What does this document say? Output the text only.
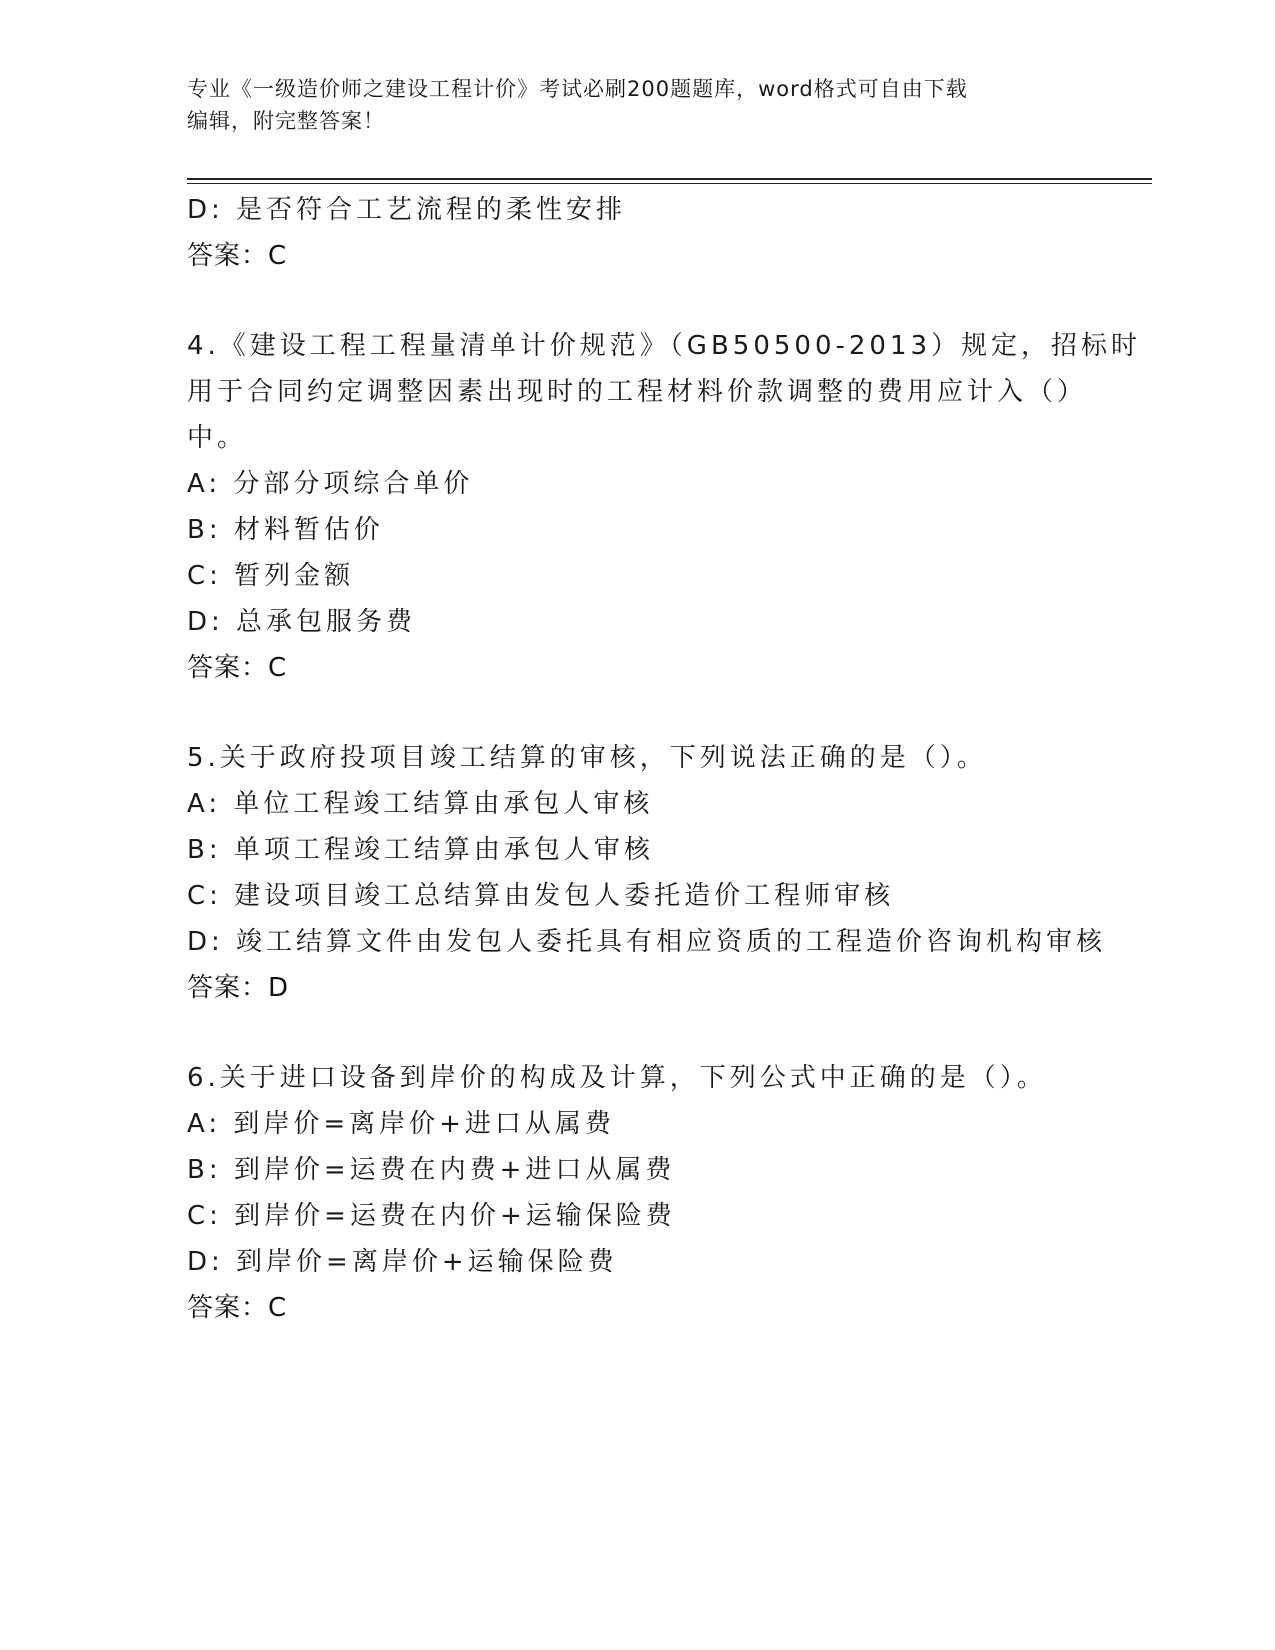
专业《一级造价师之建设工程计价》考试必刷200题题库，word格式可自由下载
编辑，附完整答案！
D: 是否符合工艺流程的柔性安排
答案：C
4.《建设工程工程量清单计价规范》（GB50500-2013）规定，招标时
用于合同约定调整因素出现时的工程材料价款调整的费用应计入（）
中。
A: 分部分项综合单价
B: 材料暂估价
C: 暂列金额
D: 总承包服务费
答案：C
5.关于政府投项目竣工结算的审核，下列说法正确的是（）。
A: 单位工程竣工结算由承包人审核
B: 单项工程竣工结算由承包人审核
C: 建设项目竣工总结算由发包人委托造价工程师审核
D: 竣工结算文件由发包人委托具有相应资质的工程造价咨询机构审核
答案：D
6.关于进口设备到岸价的构成及计算，下列公式中正确的是（）。
A: 到岸价=离岸价+进口从属费
B: 到岸价=运费在内费+进口从属费
C: 到岸价=运费在内价+运输保险费
D: 到岸价=离岸价+运输保险费
答案：C
